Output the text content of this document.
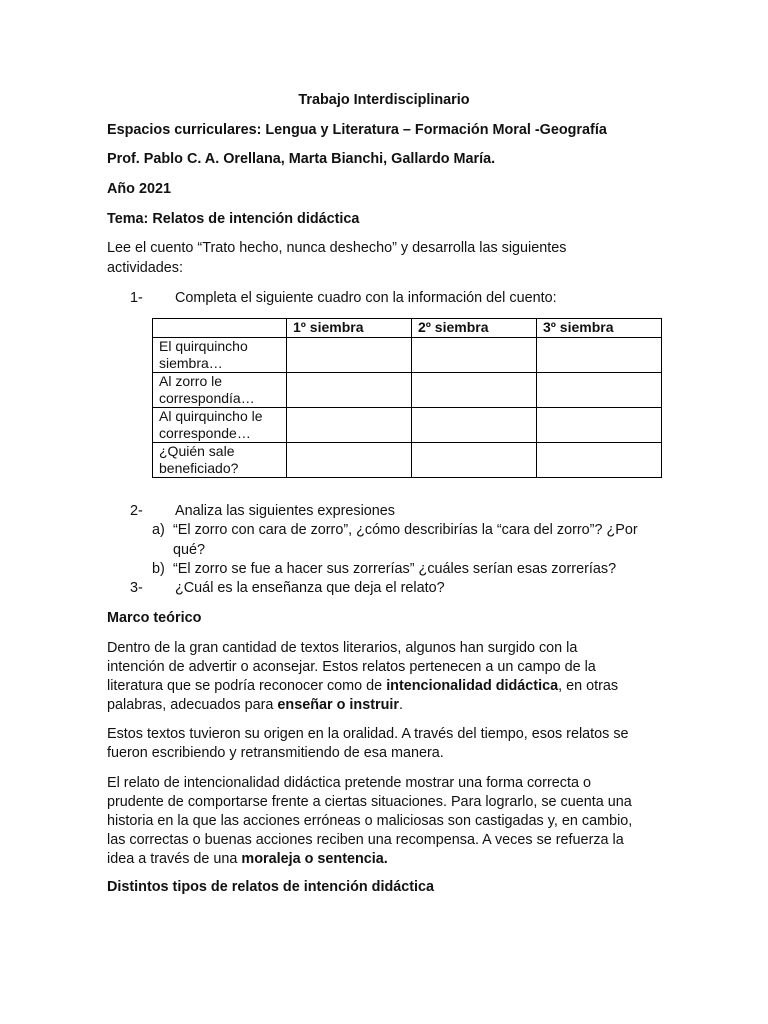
Trabajo Interdisciplinario

Espacios curriculares: Lengua y Literatura – Formación Moral -Geografía

Prof. Pablo C. A. Orellana, Marta Bianchi, Gallardo María.

Año 2021

Tema: Relatos de intención didáctica

Lee el cuento “Trato hecho, nunca deshecho” y desarrolla las siguientes

actividades:

1- Completa el siguiente cuadro con la información del cuento:

	1º siembra	2º siembra	3º siembra
El quirquincho siembra…			
Al zorro le correspondía…			
Al quirquincho le corresponde…			
¿Quién sale beneficiado?			

2- Analiza las siguientes expresiones

a) “El zorro con cara de zorro”, ¿cómo describirías la “cara del zorro”? ¿Por

qué?

b) “El zorro se fue a hacer sus zorrerías” ¿cuáles serían esas zorrerías?

3- ¿Cuál es la enseñanza que deja el relato?

Marco teórico

Dentro de la gran cantidad de textos literarios, algunos han surgido con la
intención de advertir o aconsejar. Estos relatos pertenecen a un campo de la
literatura que se podría reconocer como de intencionalidad didáctica, en otras
palabras, adecuados para enseñar o instruir.
Estos textos tuvieron su origen en la oralidad. A través del tiempo, esos relatos se
fueron escribiendo y retransmitiendo de esa manera.
El relato de intencionalidad didáctica pretende mostrar una forma correcta o
prudente de comportarse frente a ciertas situaciones. Para lograrlo, se cuenta una
historia en la que las acciones erróneas o maliciosas son castigadas y, en cambio,
las correctas o buenas acciones reciben una recompensa. A veces se refuerza la
idea a través de una moraleja o sentencia.

Distintos tipos de relatos de intención didáctica
